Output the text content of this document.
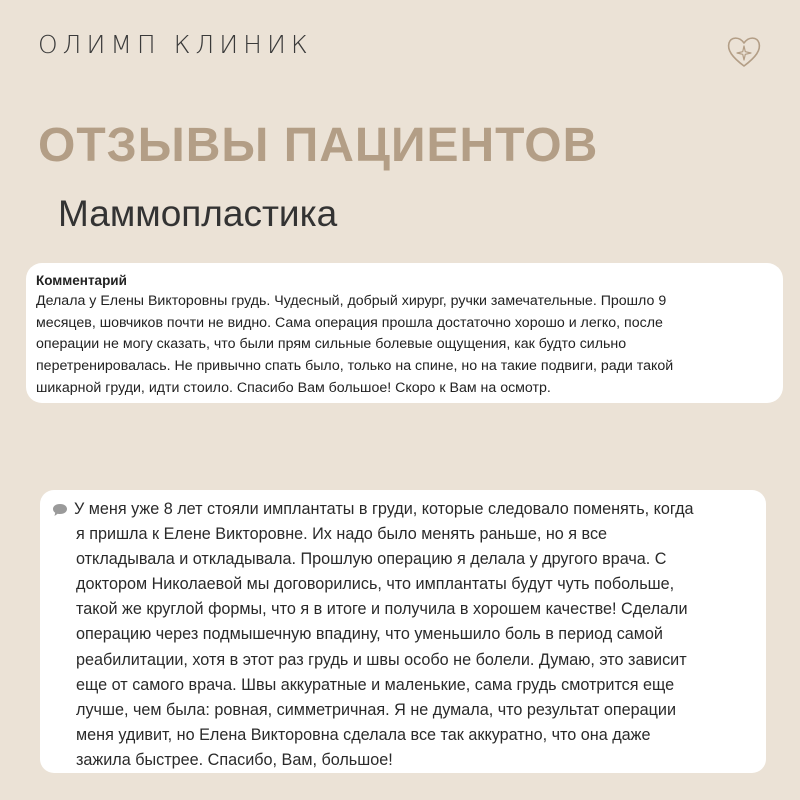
ОЛИМП КЛИНИК
ОТЗЫВЫ ПАЦИЕНТОВ
Маммопластика
Комментарий
Делала у Елены Викторовны грудь. Чудесный, добрый хирург, ручки замечательные. Прошло 9
месяцев, шовчиков почти не видно. Сама операция прошла достаточно хорошо и легко, после
операции не могу сказать, что были прям сильные болевые ощущения, как будто сильно
перетренировалась. Не привычно спать было, только на спине, но на такие подвиги, ради такой
шикарной груди, идти стоило. Спасибо Вам большое! Скоро к Вам на осмотр.
У меня уже 8 лет стояли имплантаты в груди, которые следовало поменять, когда
я пришла к Елене Викторовне. Их надо было менять раньше, но я все
откладывала и откладывала. Прошлую операцию я делала у другого врача. С
доктором Николаевой мы договорились, что имплантаты будут чуть побольше,
такой же круглой формы, что я в итоге и получила в хорошем качестве! Сделали
операцию через подмышечную впадину, что уменьшило боль в период самой
реабилитации, хотя в этот раз грудь и швы особо не болели. Думаю, это зависит
еще от самого врача. Швы аккуратные и маленькие, сама грудь смотрится еще
лучше, чем была: ровная, симметричная. Я не думала, что результат операции
меня удивит, но Елена Викторовна сделала все так аккуратно, что она даже
зажила быстрее. Спасибо, Вам, большое!
